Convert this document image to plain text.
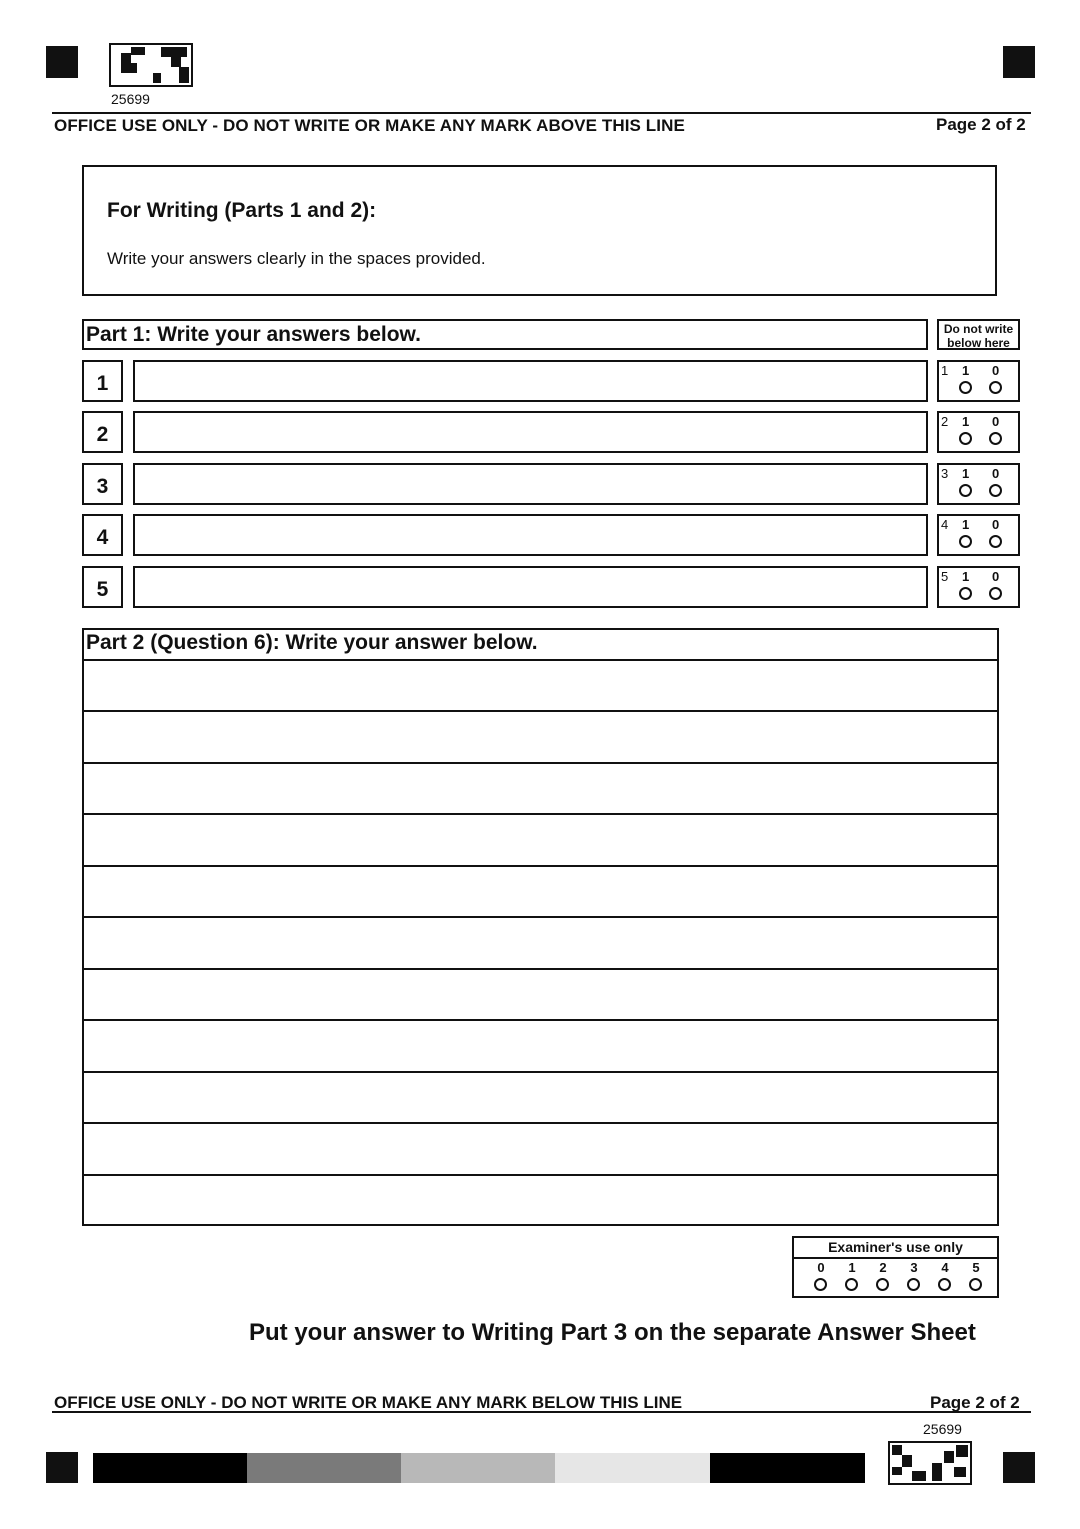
25699
OFFICE USE ONLY - DO NOT WRITE OR MAKE ANY MARK ABOVE THIS LINE	Page 2 of 2
For Writing (Parts 1 and 2):
Write your answers clearly in the spaces provided.
Part 1: Write your answers below.	Do not write
below here
1
1 1 0
2
2 1 0
3
3 1 0
4
4 1 0
5
5 1 0
Part 2 (Question 6): Write your answer below.
Examiner's use only
0	1	2	3	4	5
Put your answer to Writing Part 3 on the separate Answer Sheet
OFFICE USE ONLY - DO NOT WRITE OR MAKE ANY MARK BELOW THIS LINE	Page 2 of 2
25699
